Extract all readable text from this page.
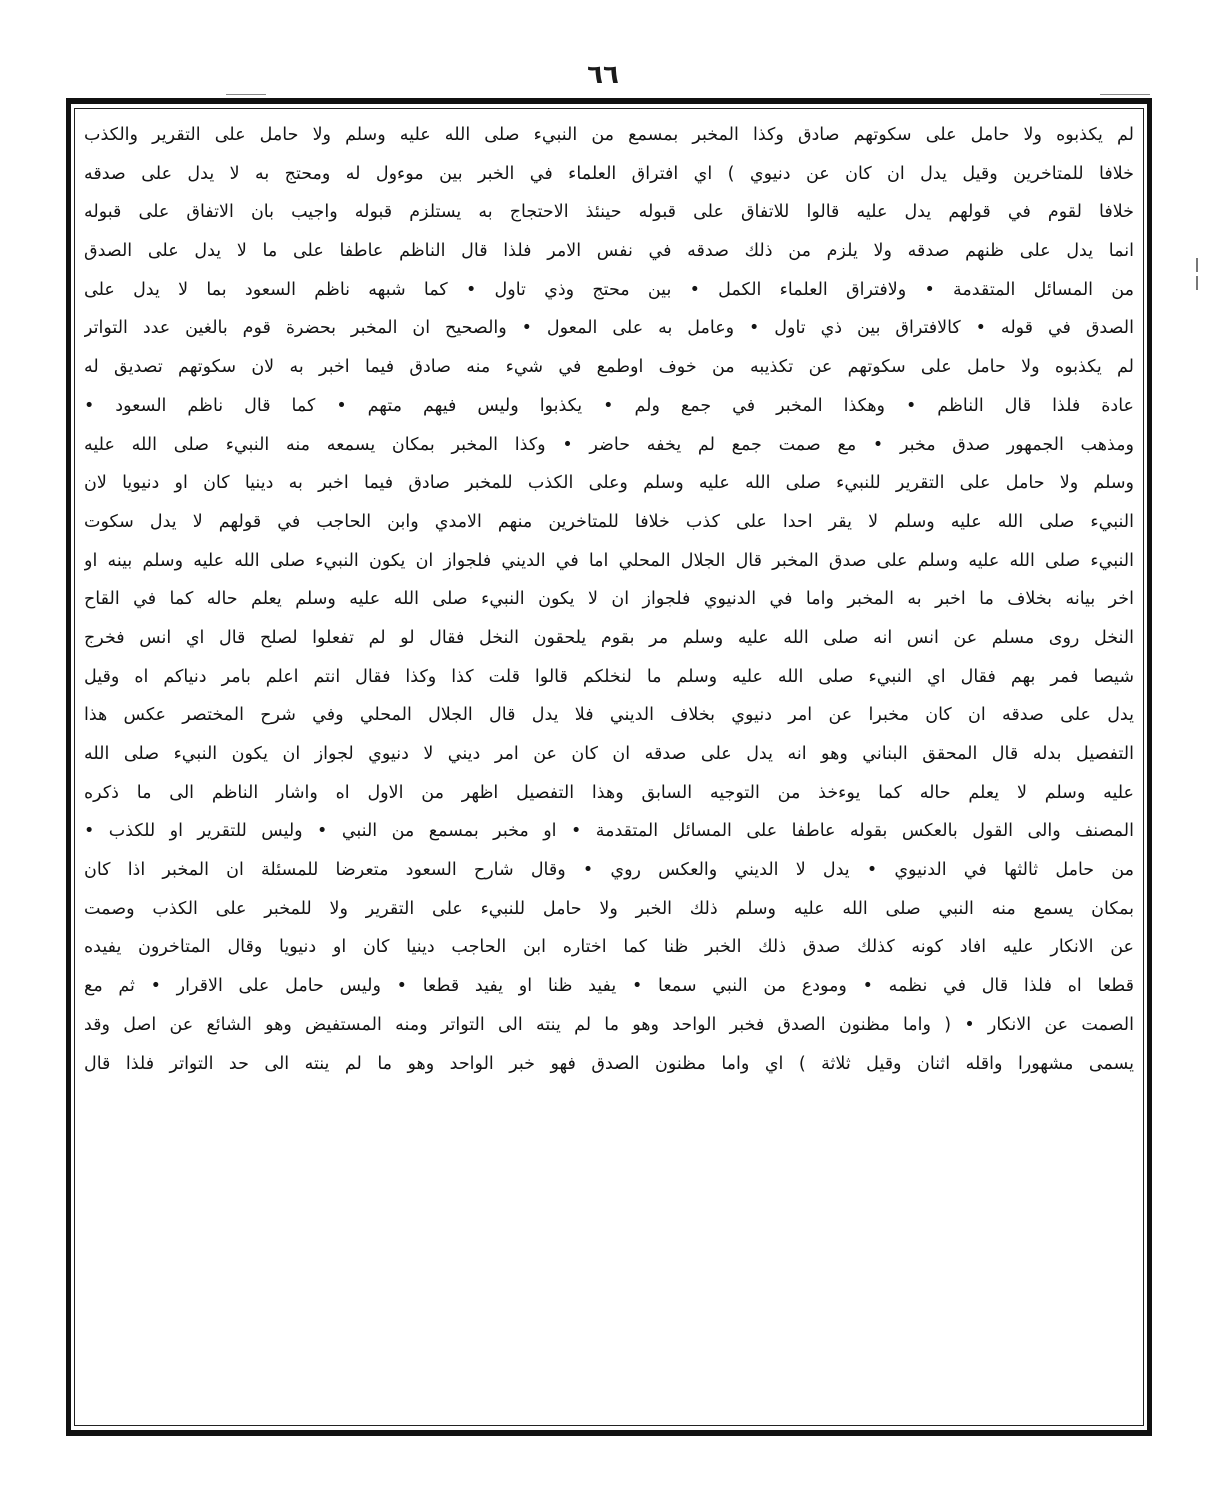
٦٦
لم يكذبوه ولا حامل على سكوتهم صادق وكذا المخبر بمسمع من النبيء صلى الله عليه وسلم ولا حامل على التقرير والكذب
خلافا للمتاخرين وقيل يدل ان كان عن دنيوي ) اي افتراق العلماء في الخبر بين موءول له ومحتج به لا يدل على صدقه
خلافا لقوم في قولهم يدل عليه قالوا للاتفاق على قبوله حينئذ الاحتجاج به يستلزم قبوله واجيب بان الاتفاق على قبوله
انما يدل على ظنهم صدقه ولا يلزم من ذلك صدقه في نفس الامر فلذا قال الناظم عاطفا على ما لا يدل على الصدق
من المسائل المتقدمة • ولافتراق العلماء الكمل • بين محتج وذي تاول • كما شبهه ناظم السعود بما لا يدل على
الصدق في قوله • كالافتراق بين ذي تاول • وعامل به على المعول • والصحيح ان المخبر بحضرة قوم بالغين عدد التواتر
لم يكذبوه ولا حامل على سكوتهم عن تكذيبه من خوف اوطمع في شيء منه صادق فيما اخبر به لان سكوتهم تصديق له
عادة فلذا قال الناظم • وهكذا المخبر في جمع ولم • يكذبوا وليس فيهم متهم • كما قال ناظم السعود •
ومذهب الجمهور صدق مخبر • مع صمت جمع لم يخفه حاضر • وكذا المخبر بمكان يسمعه منه النبيء صلى الله عليه
وسلم ولا حامل على التقرير للنبيء صلى الله عليه وسلم وعلى الكذب للمخبر صادق فيما اخبر به دينيا كان او دنيويا لان
النبيء صلى الله عليه وسلم لا يقر احدا على كذب خلافا للمتاخرين منهم الامدي وابن الحاجب في قولهم لا يدل سكوت
النبيء صلى الله عليه وسلم على صدق المخبر قال الجلال المحلي اما في الديني فلجواز ان يكون النبيء صلى الله عليه وسلم بينه او
اخر بيانه بخلاف ما اخبر به المخبر واما في الدنيوي فلجواز ان لا يكون النبيء صلى الله عليه وسلم يعلم حاله كما في القاح
النخل روى مسلم عن انس انه صلى الله عليه وسلم مر بقوم يلحقون النخل فقال لو لم تفعلوا لصلح قال اي انس فخرج
شيصا فمر بهم فقال اي النبيء صلى الله عليه وسلم ما لنخلكم قالوا قلت كذا وكذا فقال انتم اعلم بامر دنياكم اه وقيل
يدل على صدقه ان كان مخبرا عن امر دنيوي بخلاف الديني فلا يدل قال الجلال المحلي وفي شرح المختصر عكس هذا
التفصيل بدله قال المحقق البناني وهو انه يدل على صدقه ان كان عن امر ديني لا دنيوي لجواز ان يكون النبيء صلى الله
عليه وسلم لا يعلم حاله كما يوءخذ من التوجيه السابق وهذا التفصيل اظهر من الاول اه واشار الناظم الى ما ذكره
المصنف والى القول بالعكس بقوله عاطفا على المسائل المتقدمة • او مخبر بمسمع من النبي • وليس للتقرير او للكذب •
من حامل ثالثها في الدنيوي • يدل لا الديني والعكس روي • وقال شارح السعود متعرضا للمسئلة ان المخبر اذا كان
بمكان يسمع منه النبي صلى الله عليه وسلم ذلك الخبر ولا حامل للنبيء على التقرير ولا للمخبر على الكذب وصمت
عن الانكار عليه افاد كونه كذلك صدق ذلك الخبر ظنا كما اختاره ابن الحاجب دينيا كان او دنيويا وقال المتاخرون يفيده
قطعا اه فلذا قال في نظمه • ومودع من النبي سمعا • يفيد ظنا او يفيد قطعا • وليس حامل على الاقرار • ثم مع
الصمت عن الانكار • ( واما مظنون الصدق فخبر الواحد وهو ما لم ينته الى التواتر ومنه المستفيض وهو الشائع عن اصل وقد
يسمى مشهورا واقله اثنان وقيل ثلاثة ) اي واما مظنون الصدق فهو خبر الواحد وهو ما لم ينته الى حد التواتر فلذا قال
